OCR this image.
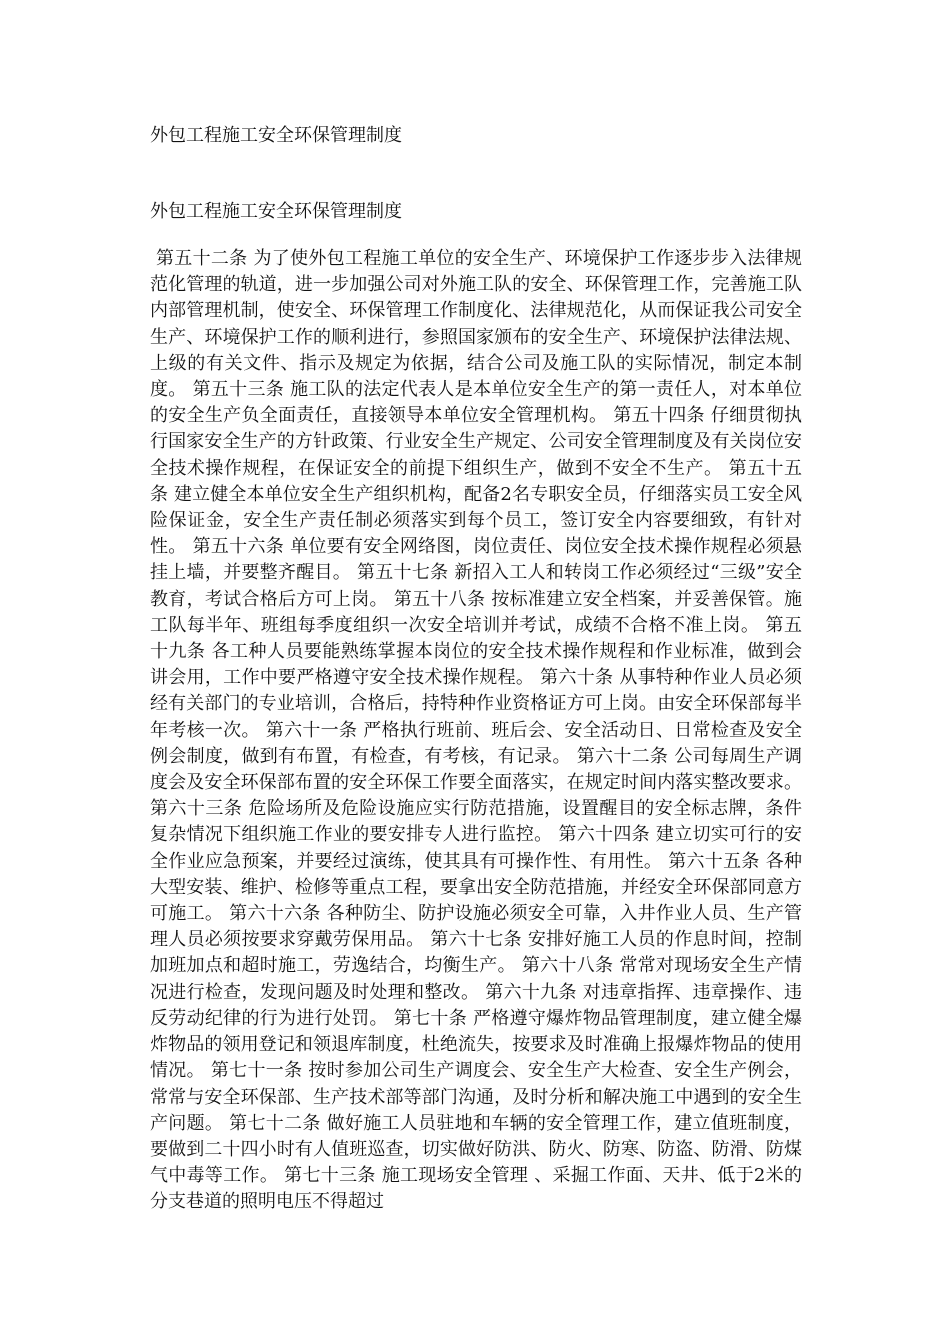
外包工程施工安全环保管理制度
外包工程施工安全环保管理制度
第五十二条 为了使外包工程施工单位的安全生产、环境保护工作逐步步入法律规范化管理的轨道，进一步加强公司对外施工队的安全、环保管理工作，完善施工队内部管理机制，使安全、环保管理工作制度化、法律规范化，从而保证我公司安全生产、环境保护工作的顺利进行，参照国家颁布的安全生产、环境保护法律法规、上级的有关文件、指示及规定为依据，结合公司及施工队的实际情况，制定本制度。 第五十三条 施工队的法定代表人是本单位安全生产的第一责任人，对本单位的安全生产负全面责任，直接领导本单位安全管理机构。 第五十四条 仔细贯彻执行国家安全生产的方针政策、行业安全生产规定、公司安全管理制度及有关岗位安全技术操作规程，在保证安全的前提下组织生产，做到不安全不生产。 第五十五条 建立健全本单位安全生产组织机构，配备2名专职安全员，仔细落实员工安全风险保证金，安全生产责任制必须落实到每个员工，签订安全内容要细致，有针对性。 第五十六条 单位要有安全网络图，岗位责任、岗位安全技术操作规程必须悬挂上墙，并要整齐醒目。 第五十七条 新招入工人和转岗工作必须经过“三级”安全教育，考试合格后方可上岗。 第五十八条 按标准建立安全档案，并妥善保管。施工队每半年、班组每季度组织一次安全培训并考试，成绩不合格不准上岗。 第五十九条 各工种人员要能熟练掌握本岗位的安全技术操作规程和作业标准，做到会讲会用，工作中要严格遵守安全技术操作规程。 第六十条 从事特种作业人员必须经有关部门的专业培训，合格后，持特种作业资格证方可上岗。由安全环保部每半年考核一次。 第六十一条 严格执行班前、班后会、安全活动日、日常检查及安全例会制度，做到有布置，有检查，有考核，有记录。 第六十二条 公司每周生产调度会及安全环保部布置的安全环保工作要全面落实，在规定时间内落实整改要求。 第六十三条 危险场所及危险设施应实行防范措施，设置醒目的安全标志牌，条件复杂情况下组织施工作业的要安排专人进行监控。 第六十四条 建立切实可行的安全作业应急预案，并要经过演练，使其具有可操作性、有用性。 第六十五条 各种大型安装、维护、检修等重点工程，要拿出安全防范措施，并经安全环保部同意方可施工。 第六十六条 各种防尘、防护设施必须安全可靠，入井作业人员、生产管理人员必须按要求穿戴劳保用品。 第六十七条 安排好施工人员的作息时间，控制加班加点和超时施工，劳逸结合，均衡生产。 第六十八条 常常对现场安全生产情况进行检查，发现问题及时处理和整改。 第六十九条 对违章指挥、违章操作、违反劳动纪律的行为进行处罚。 第七十条 严格遵守爆炸物品管理制度，建立健全爆炸物品的领用登记和领退库制度，杜绝流失，按要求及时准确上报爆炸物品的使用情况。 第七十一条 按时参加公司生产调度会、安全生产大检查、安全生产例会，常常与安全环保部、生产技术部等部门沟通，及时分析和解决施工中遇到的安全生产问题。 第七十二条 做好施工人员驻地和车辆的安全管理工作，建立值班制度，要做到二十四小时有人值班巡查，切实做好防洪、防火、防寒、防盗、防滑、防煤气中毒等工作。 第七十三条 施工现场安全管理 、采掘工作面、天井、低于2米的分支巷道的照明电压不得超过
